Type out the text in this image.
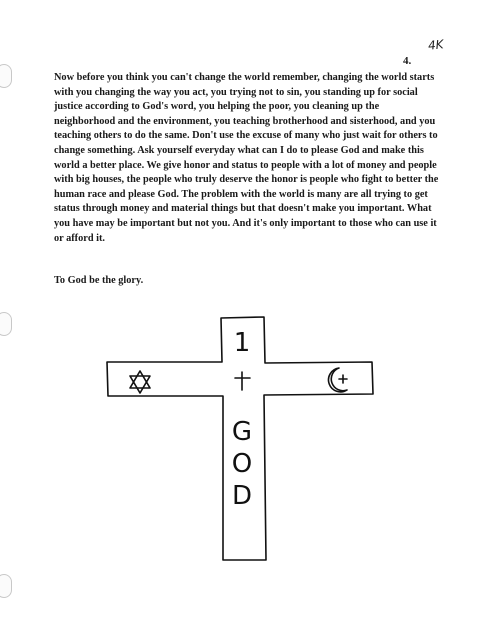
4K
4.

Now before you think you can't change the world remember, changing the world starts with you changing the way you act, you trying not to sin, you standing up for social justice according to God's word, you helping the poor, you cleaning up the neighborhood and the environment, you teaching brotherhood and sisterhood, and you teaching others to do the same. Don't use the excuse of many who just wait for others to change something. Ask yourself everyday what can I do to please God and make this world a better place. We give honor and status to people with a lot of money and people with big houses, the people who truly deserve the honor is people who fight to better the human race and please God. The problem with the world is many are all trying to get status through money and material things but that doesn't make you important. What you have may be important but not you. And it's only important to those who can use it or afford it.

To God be the glory.

1
G
O
D
